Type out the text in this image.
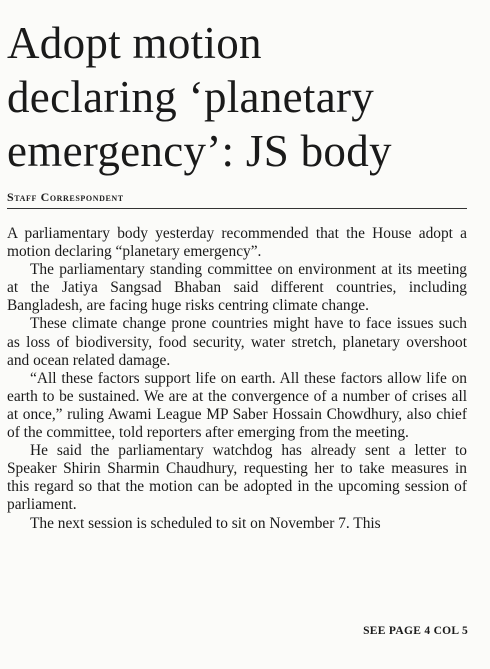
Adopt motion
declaring ‘planetary
emergency’: JS body
Staff Correspondent

A parliamentary body yesterday recommended that the House adopt a motion declaring “planetary emergency”.

The parliamentary standing committee on environment at its meeting at the Jatiya Sangsad Bhaban said different countries, including Bangladesh, are facing huge risks centring climate change.

These climate change prone countries might have to face issues such as loss of biodiversity, food security, water stretch, planetary overshoot and ocean related damage.

“All these factors support life on earth. All these factors allow life on earth to be sustained. We are at the convergence of a number of crises all at once,” ruling Awami League MP Saber Hossain Chowdhury, also chief of the committee, told reporters after emerging from the meeting.

He said the parliamentary watchdog has already sent a letter to Speaker Shirin Sharmin Chaudhury, requesting her to take measures in this regard so that the motion can be adopted in the upcoming session of parliament.

The next session is scheduled to sit on November 7. This

SEE PAGE 4 COL 5
